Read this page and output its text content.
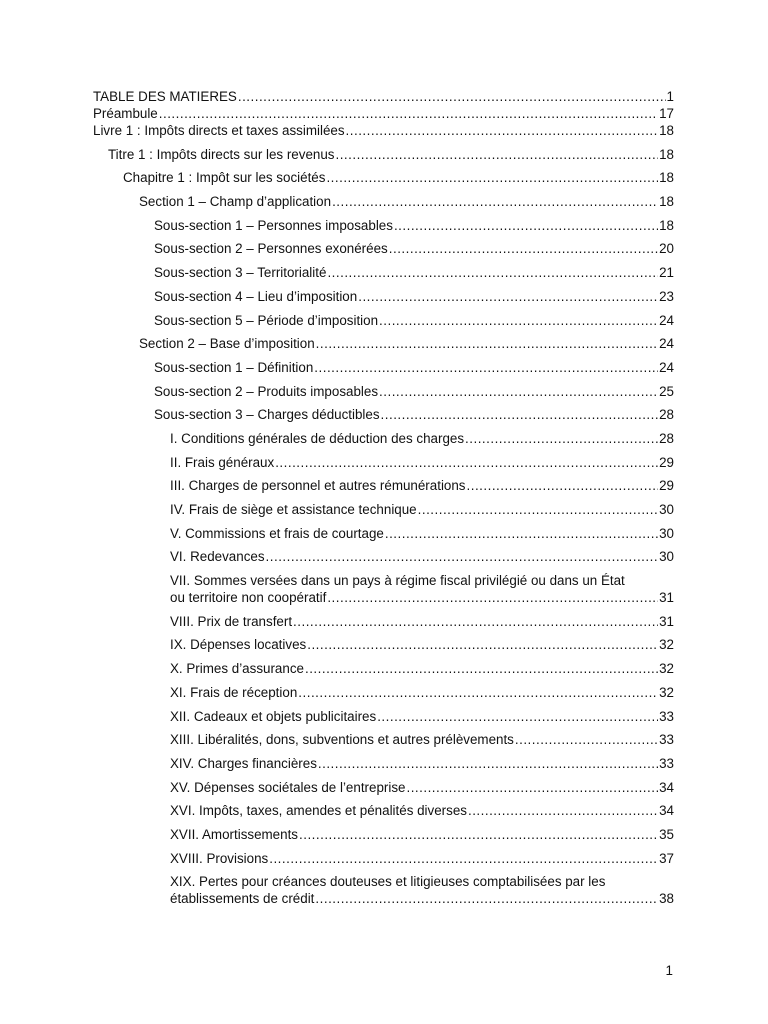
TABLE DES MATIERES .....	1
Préambule .....	17
Livre 1 : Impôts directs et taxes assimilées .....	18
Titre 1 : Impôts directs sur les revenus .....	18
Chapitre 1 : Impôt sur les sociétés .....	18
Section 1 – Champ d’application .....	18
Sous-section 1 – Personnes imposables .....	18
Sous-section 2 – Personnes exonérées .....	20
Sous-section 3 – Territorialité .....	21
Sous-section 4 – Lieu d’imposition .....	23
Sous-section 5 – Période d’imposition .....	24
Section 2 – Base d’imposition .....	24
Sous-section 1 – Définition .....	24
Sous-section 2 – Produits imposables .....	25
Sous-section 3 – Charges déductibles .....	28
I. Conditions générales de déduction des charges .....	28
II. Frais généraux .....	29
III. Charges de personnel et autres rémunérations .....	29
IV. Frais de siège et assistance technique .....	30
V. Commissions et frais de courtage .....	30
VI. Redevances .....	30
VII. Sommes versées dans un pays à régime fiscal privilégié ou dans un État
ou territoire non coopératif .....	31
VIII. Prix de transfert .....	31
IX. Dépenses locatives .....	32
X. Primes d’assurance .....	32
XI. Frais de réception .....	32
XII. Cadeaux et objets publicitaires .....	33
XIII. Libéralités, dons, subventions et autres prélèvements .....	33
XIV. Charges financières .....	33
XV. Dépenses sociétales de l’entreprise .....	34
XVI. Impôts, taxes, amendes et pénalités diverses .....	34
XVII. Amortissements .....	35
XVIII. Provisions .....	37
XIX. Pertes pour créances douteuses et litigieuses comptabilisées par les
établissements de crédit .....	38
1
